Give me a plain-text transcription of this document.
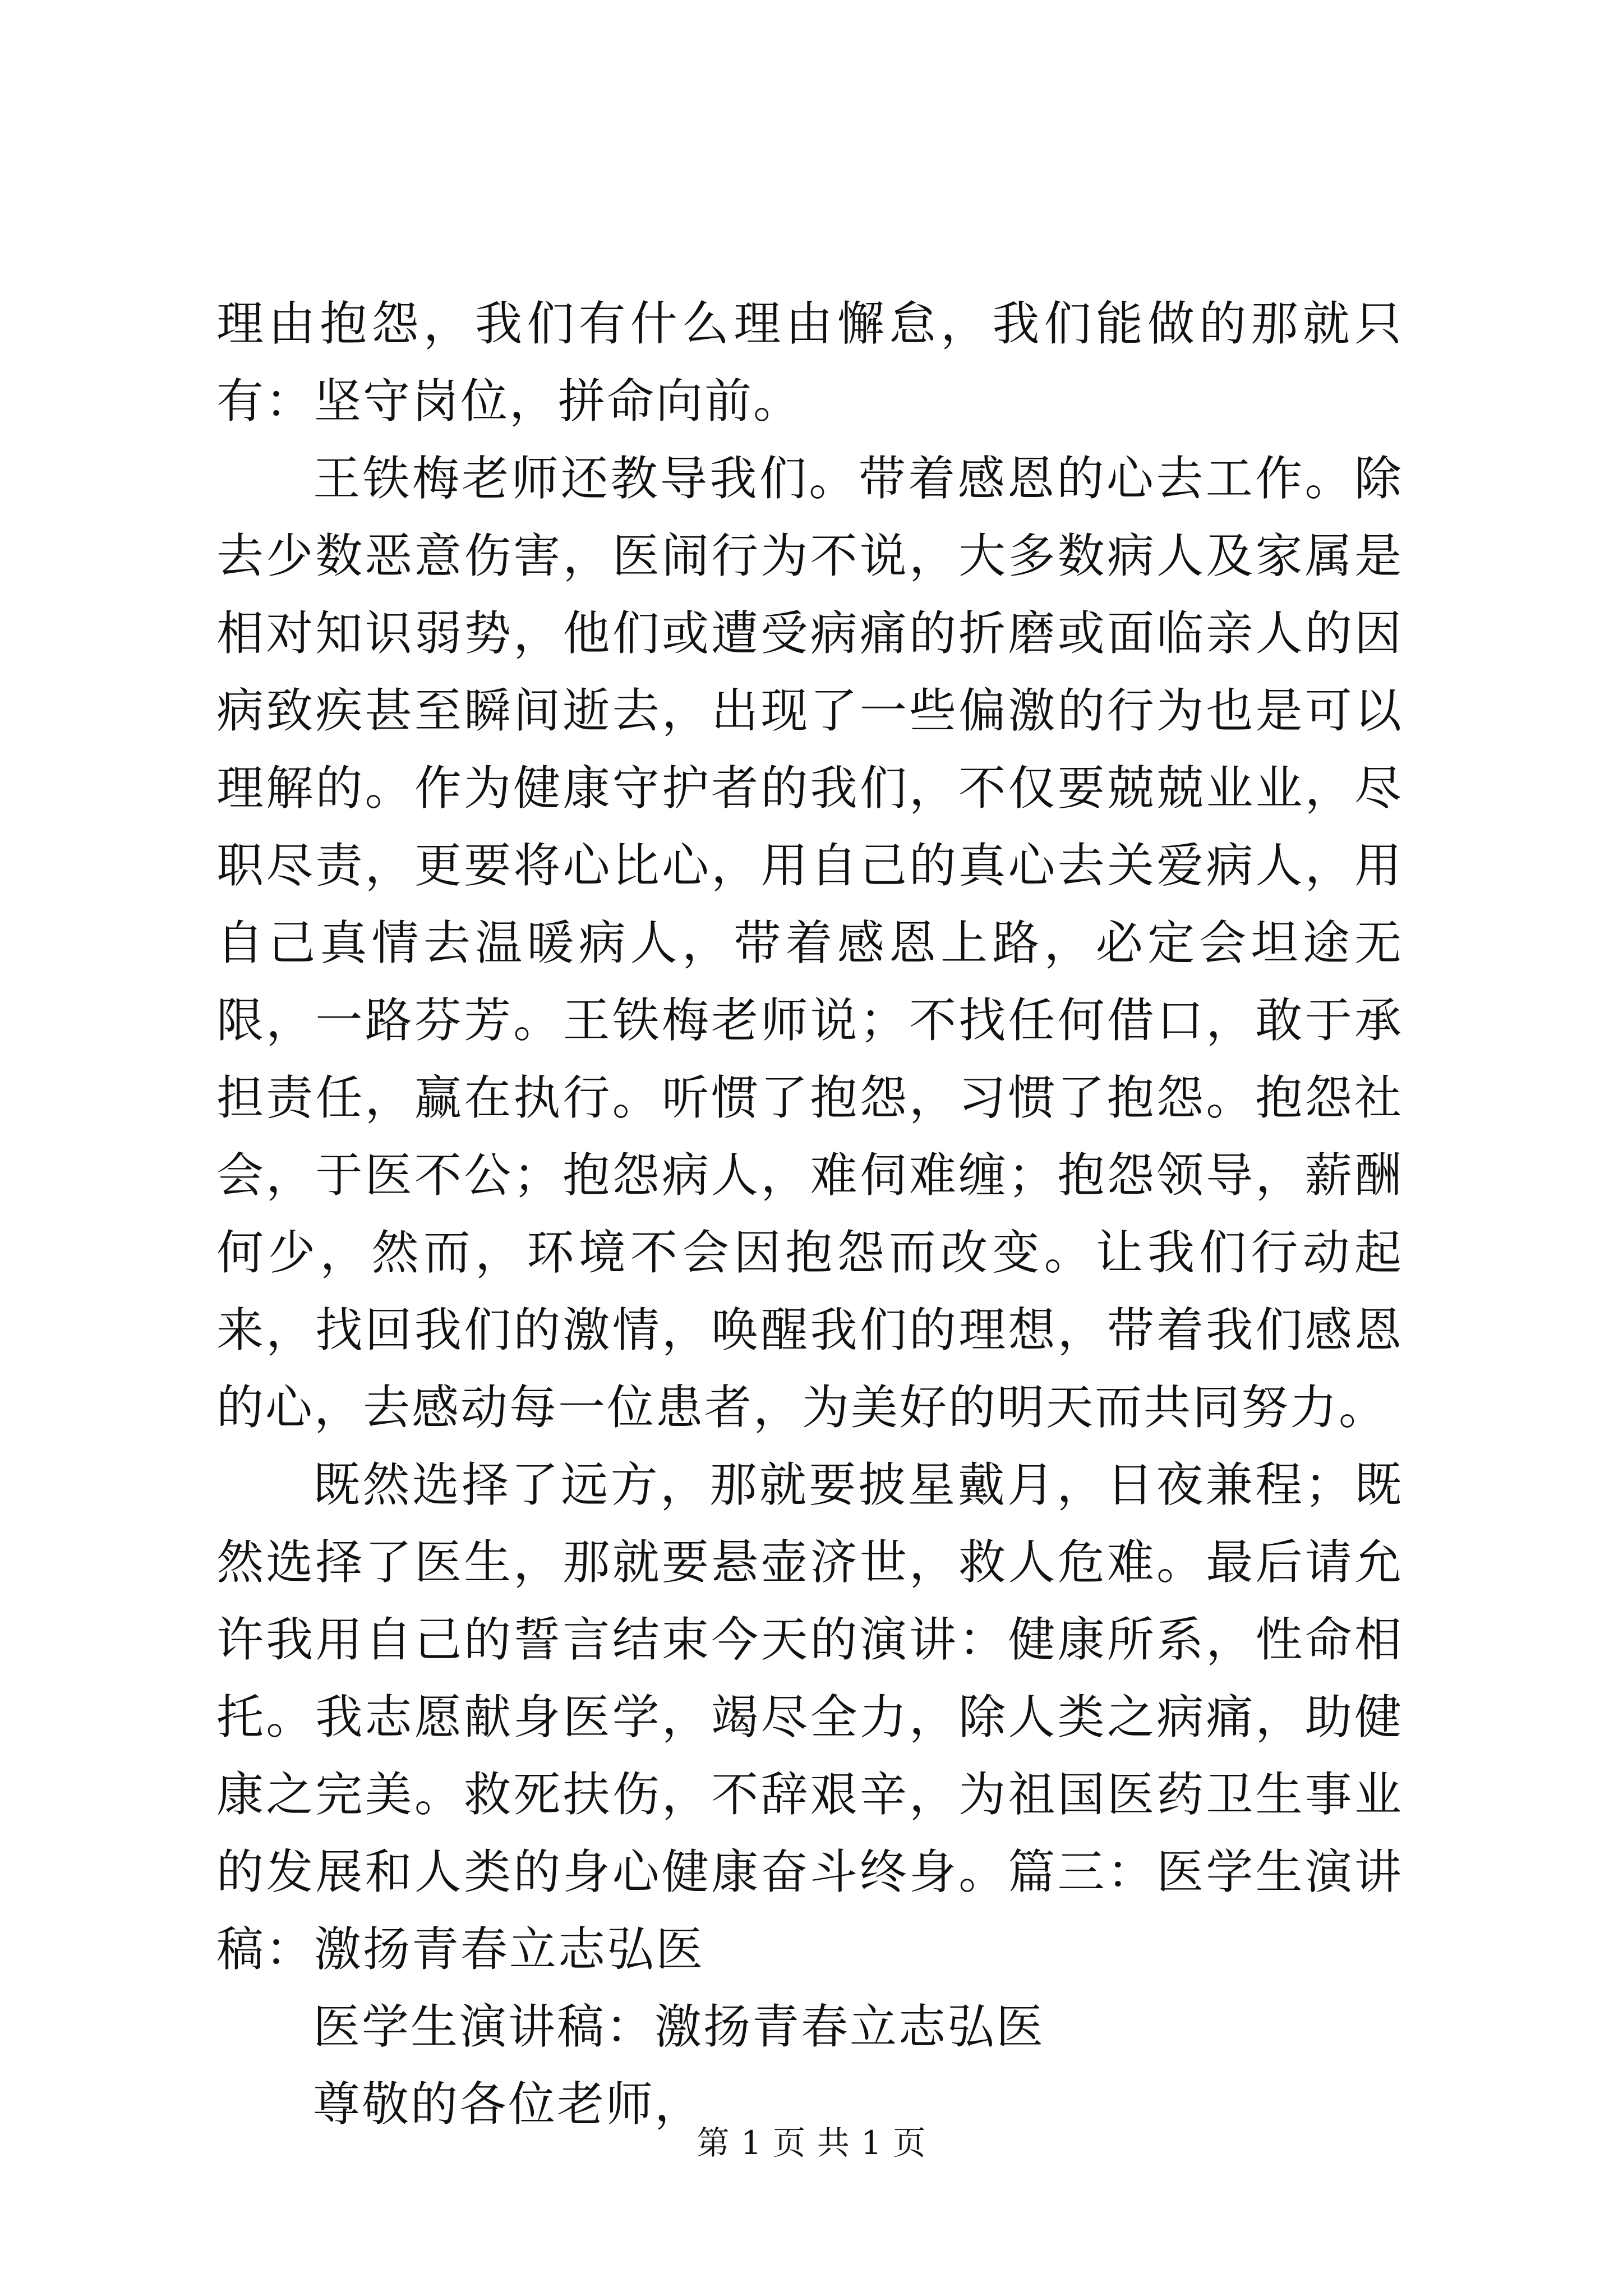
理由抱怨，我们有什么理由懈怠，我们能做的那就只有：坚守岗位，拼命向前。

王铁梅老师还教导我们。带着感恩的心去工作。除去少数恶意伤害，医闹行为不说，大多数病人及家属是相对知识弱势，他们或遭受病痛的折磨或面临亲人的因病致疾甚至瞬间逝去，出现了一些偏激的行为也是可以理解的。作为健康守护者的我们，不仅要兢兢业业，尽职尽责，更要将心比心，用自己的真心去关爱病人，用自己真情去温暖病人，带着感恩上路，必定会坦途无限，一路芬芳。王铁梅老师说；不找任何借口，敢于承担责任，赢在执行。听惯了抱怨，习惯了抱怨。抱怨社会，于医不公；抱怨病人，难伺难缠；抱怨领导，薪酬何少，然而，环境不会因抱怨而改变。让我们行动起来，找回我们的激情，唤醒我们的理想，带着我们感恩的心，去感动每一位患者，为美好的明天而共同努力。

既然选择了远方，那就要披星戴月，日夜兼程；既然选择了医生，那就要悬壶济世，救人危难。最后请允许我用自己的誓言结束今天的演讲：健康所系，性命相托。我志愿献身医学，竭尽全力，除人类之病痛，助健康之完美。救死扶伤，不辞艰辛，为祖国医药卫生事业的发展和人类的身心健康奋斗终身。篇三：医学生演讲稿：激扬青春立志弘医

医学生演讲稿：激扬青春立志弘医

尊敬的各位老师，

第 1 页 共 1 页
